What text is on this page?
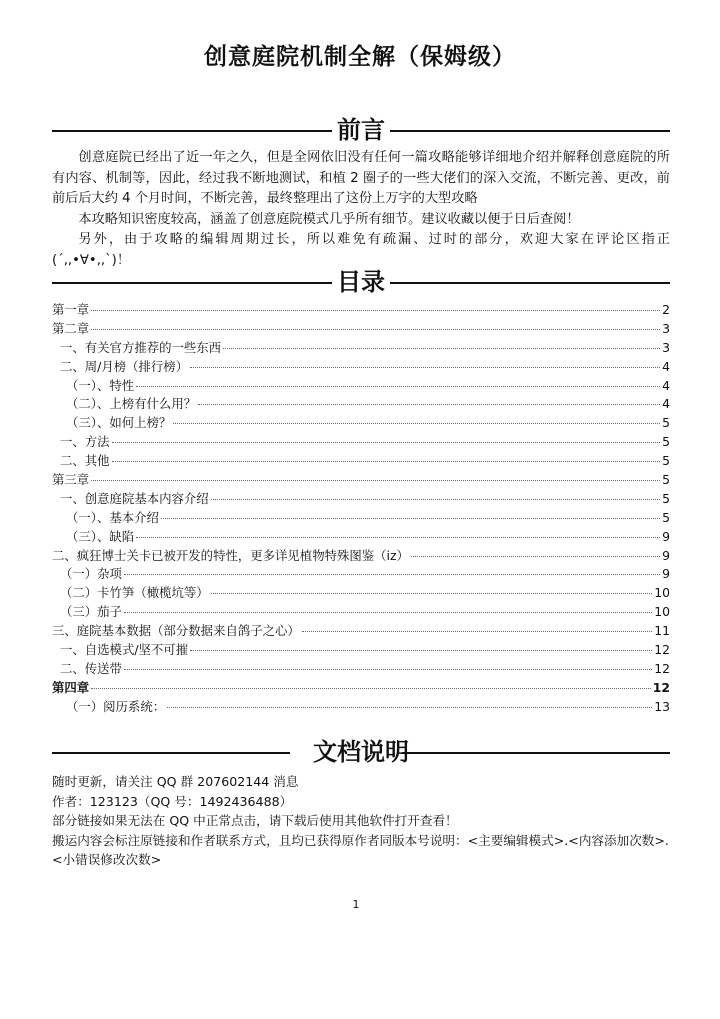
创意庭院机制全解（保姆级）
前言

创意庭院已经出了近一年之久，但是全网依旧没有任何一篇攻略能够详细地介绍并解释创意庭院的所有内容、机制等，因此，经过我不断地测试，和植 2 圈子的一些大佬们的深入交流，不断完善、更改，前前后后大约 4 个月时间，不断完善，最终整理出了这份上万字的大型攻略

本攻略知识密度较高，涵盖了创意庭院模式几乎所有细节。建议收藏以便于日后查阅！

另外，由于攻略的编辑周期过长，所以难免有疏漏、过时的部分，欢迎大家在评论区指正(´,,•∀•,,`)！

目录
第一章	2
第二章	3
一、有关官方推荐的一些东西	3
二、周/月榜（排行榜）	4
（一）、特性	4
（二）、上榜有什么用？	4
（三）、如何上榜？	5
一、方法	5
二、其他	5
第三章	5
一、创意庭院基本内容介绍	5
（一）、基本介绍	5
（三）、缺陷	9
二、疯狂博士关卡已被开发的特性，更多详见植物特殊图鉴（iz）	9
（一）杂项	9
（二）卡竹笋（橄榄坑等）	10
（三）茄子	10
三、庭院基本数据（部分数据来自鸽子之心）	11
一、自选模式/坚不可摧	12
二、传送带	12
第四章	12
（一）阅历系统：	13
文档说明

随时更新，请关注 QQ 群 207602144 消息

作者：123123（QQ 号：1492436488）

部分链接如果无法在 QQ 中正常点击，请下载后使用其他软件打开查看！

搬运内容会标注原链接和作者联系方式，且均已获得原作者同版本号说明：<主要编辑模式>.<内容添加次数>.<小错误修改次数>

1
